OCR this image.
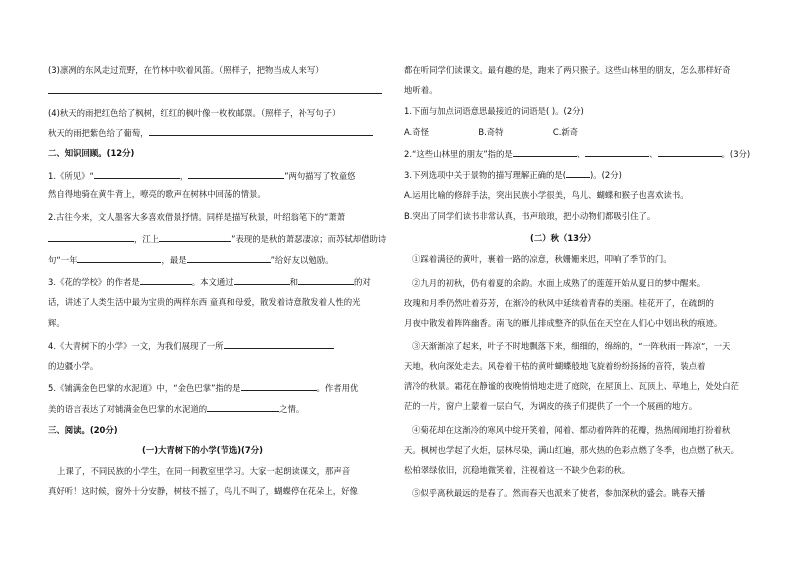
(3)凛冽的东风走过荒野，在竹林中吹着风笛。（照样子，把物当成人来写）
(4)秋天的雨把红色给了枫树，红红的枫叶像一枚枚邮票。（照样子，补写句子）
秋天的雨把紫色给了葡萄，
二、知识回顾。(12分)
1.《所见》“	，	”两句描写了牧童悠
然自得地骑在黄牛背上，嘹亮的歌声在树林中回荡的情景。
2.古往今来，文人墨客大多喜欢借景抒情。同样是描写秋景，叶绍翁笔下的“萧萧
，江上	”表现的是秋的萧瑟凄凉；而苏轼却借助诗
句“一年	，最是	”给好友以勉励。
3.《花的学校》的作者是	。本文通过	和	的对
话，讲述了人类生活中最为宝贵的两样东西 童真和母爱，散发着诗意散发着人性的光
辉。
4.《大青树下的小学》一文，为我们展现了一所
的边疆小学。
5.《铺满金色巴掌的水泥道》中，“金色巴掌”指的是	。作者用优
美的语言表达了对铺满金色巴掌的水泥道的	之情。
三、阅读。(20分)
(一)大青树下的小学(节选)(7分)
上课了，不同民族的小学生，在同一间教室里学习。大家一起朗读课文，那声音
真好听！这时候，窗外十分安静，树枝不摇了，鸟儿不叫了，蝴蝶停在花朵上，好像
都在听同学们读课文。最有趣的是，跑来了两只猴子。这些山林里的朋友，怎么那样好奇
地听着。
1.下面与加点词语意思最接近的词语是( )。(2分)
A.奇怪	B.奇特	C.新奇
2.“这些山林里的朋友”指的是	、	、	。(3分)
3.下列选项中关于景物的描写理解正确的是(	)。(2分)
A.运用比喻的修辞手法，突出民族小学很美，鸟儿、蝴蝶和猴子也喜欢读书。
B.突出了同学们读书非常认真，书声琅琅，把小动物们都吸引住了。
(二）秋（13分）
①踩着满径的黄叶，裹着一路的凉意，秋姗姗来迟，叩响了季节的门。
②九月的初秋，仍有着夏的余韵。水面上成熟了的莲莲开始从夏日的梦中醒来。
玫瑰和月季仍然吐着芬芳，在渐冷的秋风中延续着青春的美丽。桂花开了，在疏朗的
月夜中散发着阵阵幽香。南飞的雁儿排成整齐的队伍在天空在人们心中划出秋的痕迹。
③天渐渐凉了起来，叶子不时地飘落下来，细细的，绵绵的，“一阵秋雨一阵凉”，一天
天地，秋向深处走去。风卷着干枯的黄叶蝴蝶般地飞旋着纷纷扬扬的音符，装点着
清冷的秋景。霜花在静谧的夜晚悄悄地走进了庭院，在屋顶上、瓦顶上、草地上，处处白茫
茫的一片，窗户上蒙着一层白气，为调皮的孩子们提供了一个一个展画的地方。
④菊花却在这渐冷的寒风中绽开笑着，闻着、都动着阵阵的花瓣，热热闹闹地打扮着秋
天。枫树也学起了火炬，层林尽染，满山红遍，那火热的色彩点燃了冬季，也点燃了秋天。
松柏翠绿依旧，沉稳地微笑着，注视着这一不缺少色彩的秋。
⑤似乎离秋最远的是春了。然而春天也派来了使者，参加深秋的盛会。眺春天播
